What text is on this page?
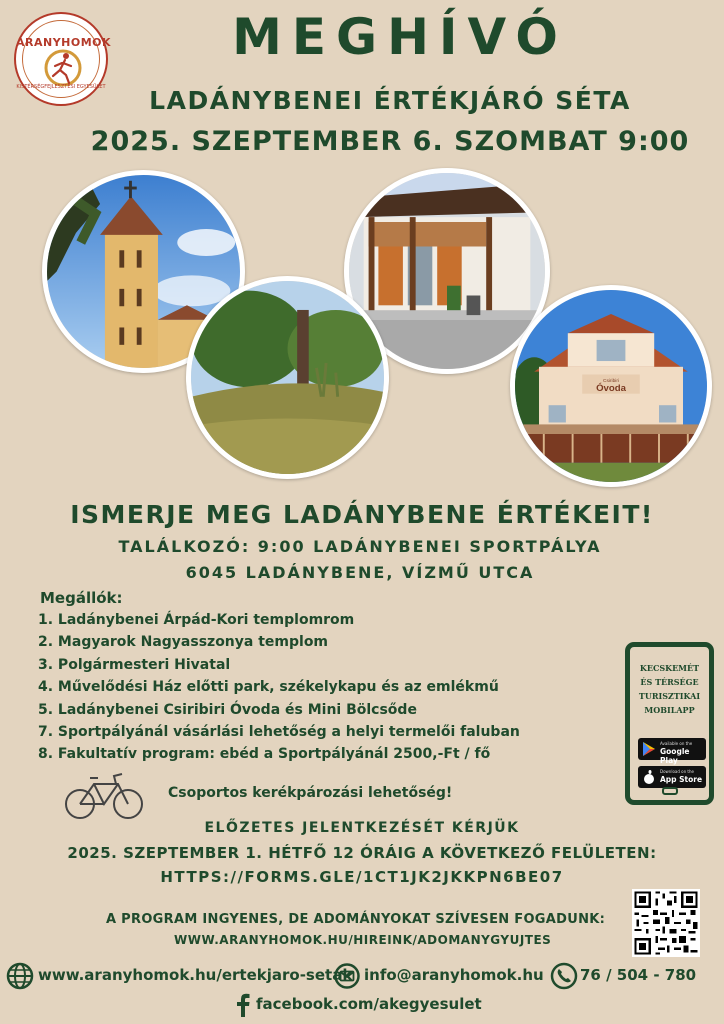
ARANYHOMOK
KISTÉRSÉGFEJLESZTÉSI EGYESÜLET
MEGHÍVÓ
LADÁNYBENEI ÉRTÉKJÁRÓ SÉTA
2025. SZEPTEMBER 6. SZOMBAT 9:00
Csiribiri
Óvoda
ISMERJE MEG LADÁNYBENE ÉRTÉKEIT!
TALÁLKOZÓ: 9:00 LADÁNYBENEI SPORTPÁLYA
6045 LADÁNYBENE, VÍZMŰ UTCA
Megállók:
1. Ladánybenei Árpád-Kori templomrom
2. Magyarok Nagyasszonya templom
3. Polgármesteri Hivatal
4. Művelődési Ház előtti park, székelykapu és az emlékmű
5. Ladánybenei Csiribiri Óvoda és Mini Bölcsőde
7. Sportpályánál vásárlási lehetőség a helyi termelői faluban
8. Fakultatív program: ebéd a Sportpályánál 2500,-Ft / fő
KECSKEMÉT
ÉS TÉRSÉGE
TURISZTIKAI
MOBILAPP
Available on the
Google Play
Download on the
App Store
Csoportos kerékpározási lehetőség!
ELŐZETES JELENTKEZÉSÉT KÉRJÜK
2025. SZEPTEMBER 1. HÉTFŐ 12 ÓRÁIG A KÖVETKEZŐ FELÜLETEN:
HTTPS://FORMS.GLE/1CT1JK2JKKPN6BE07
A PROGRAM INGYENES, DE ADOMÁNYOKAT SZÍVESEN FOGADUNK:
WWW.ARANYHOMOK.HU/HIREINK/ADOMANYGYUJTES
www.aranyhomok.hu/ertekjaro-setak info@aranyhomok.hu 76 / 504 - 780
facebook.com/akegyesulet
